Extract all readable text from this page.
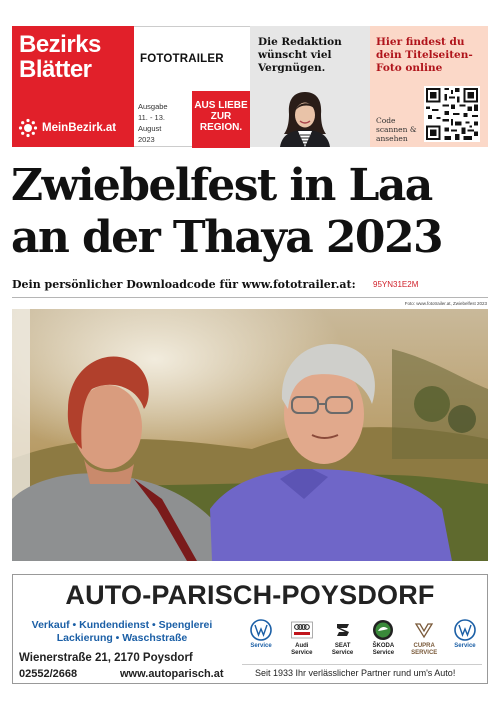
Bezirks
Blätter
MeinBezirk.at
FOTOTRAILER
Ausgabe
11. - 13. August
2023
AUS LIEBE ZUR REGION.
Die Redaktion wünscht viel Vergnügen.
Hier findest du dein Titelseiten-Foto online
Code scannen & ansehen
Zwiebelfest in Laa
an der Thaya 2023
Dein persönlicher Downloadcode für www.fototrailer.at:	95YN31E2M
Foto: www.fototrailer.at, Zwiebelfest 2023
AUTO-PARISCH-POYSDORF
Verkauf • Kundendienst • Spenglerei
Lackierung • Waschstraße
Wienerstraße 21, 2170 Poysdorf
02552/2668	www.autoparisch.at
Service	Audi Service
SEAT Service
ŠKODA Service
CUPRA SERVICE
Service
Seit 1933 Ihr verlässlicher Partner rund um's Auto!
